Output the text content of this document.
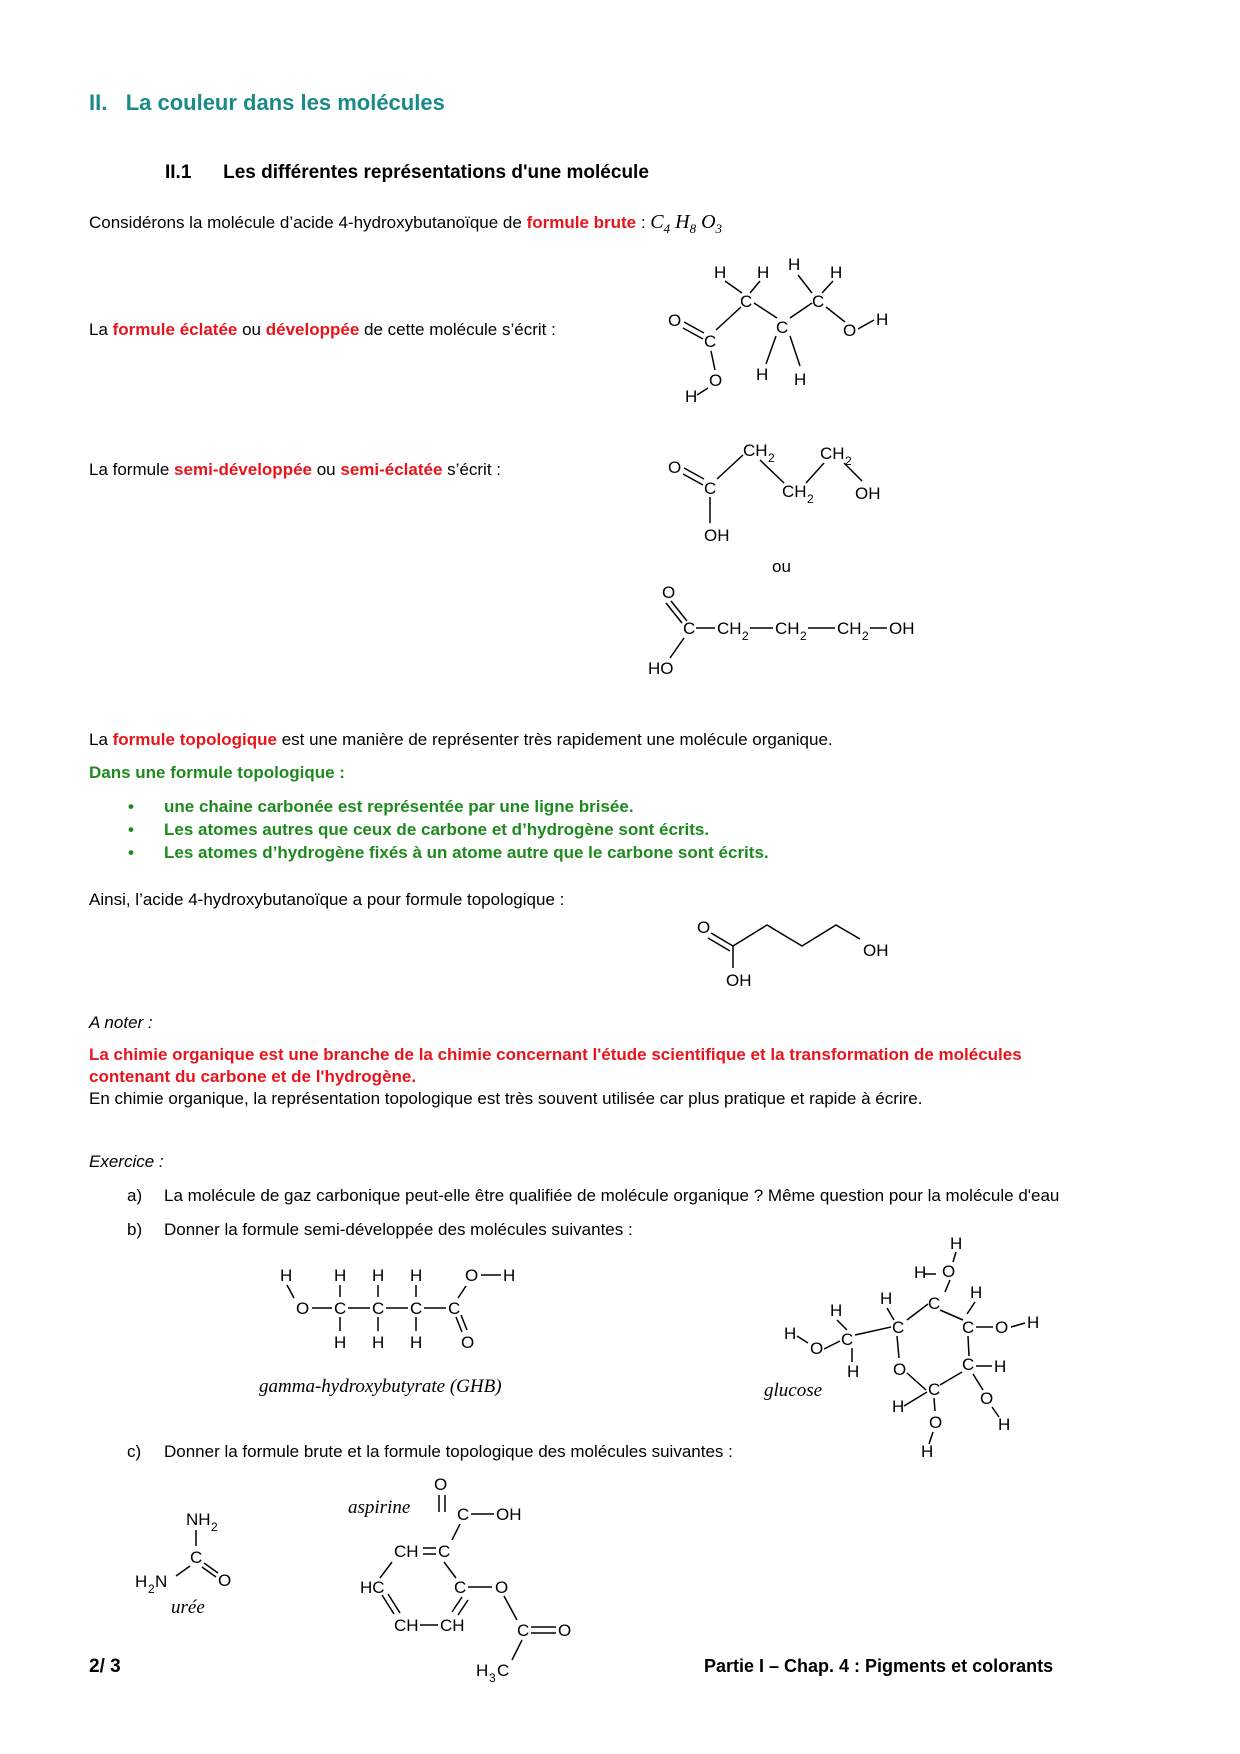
II. La couleur dans les molécules
II.1 Les différentes représentations d'une molécule
Considérons la molécule d’acide 4-hydroxybutanoïque de formule brute : $C_4$ $H_8$ $O_3$
La formule éclatée ou développée de cette molécule s’écrit :
H H H H
C	C
C
O
C
O
H
O
H
H H
La formule semi-développée ou semi-éclatée s’écrit :	O
C
OH
CH 2
CH 2
CH 2
OH
ou
O
C
HO
CH 2 CH 2 CH 2 OH
La formule topologique est une manière de représenter très rapidement une molécule organique.
Dans une formule topologique :
• une chaine carbonée est représentée par une ligne brisée.
• Les atomes autres que ceux de carbone et d’hydrogène sont écrits.
• Les atomes d’hydrogène fixés à un atome autre que le carbone sont écrits.
Ainsi, l’acide 4-hydroxybutanoïque a pour formule topologique :
O
OH
OH
A noter :
La chimie organique est une branche de la chimie concernant l'étude scientifique et la transformation de molécules
contenant du carbone et de l'hydrogène.
En chimie organique, la représentation topologique est très souvent utilisée car plus pratique et rapide à écrire.
Exercice :
a) La molécule de gaz carbonique peut-elle être qualifiée de molécule organique ? Même question pour la molécule d'eau
b) Donner la formule semi-développée des molécules suivantes :
H
O C C C C
H H H
H H H
O H
O
gamma-hydroxybutyrate (GHB)
H
O
H
H C
C
H
C
H
O
H
H
C O H
O	C H
C
H	O
H
O
H
glucose
c) Donner la formule brute et la formule topologique des molécules suivantes :
NH 2
C
H 2 N	O
urée
aspirine
O
C OH
CH C
C O
C O
H 3 C
HC
CH CH
2/ 3	Partie I – Chap. 4 : Pigments et colorants
